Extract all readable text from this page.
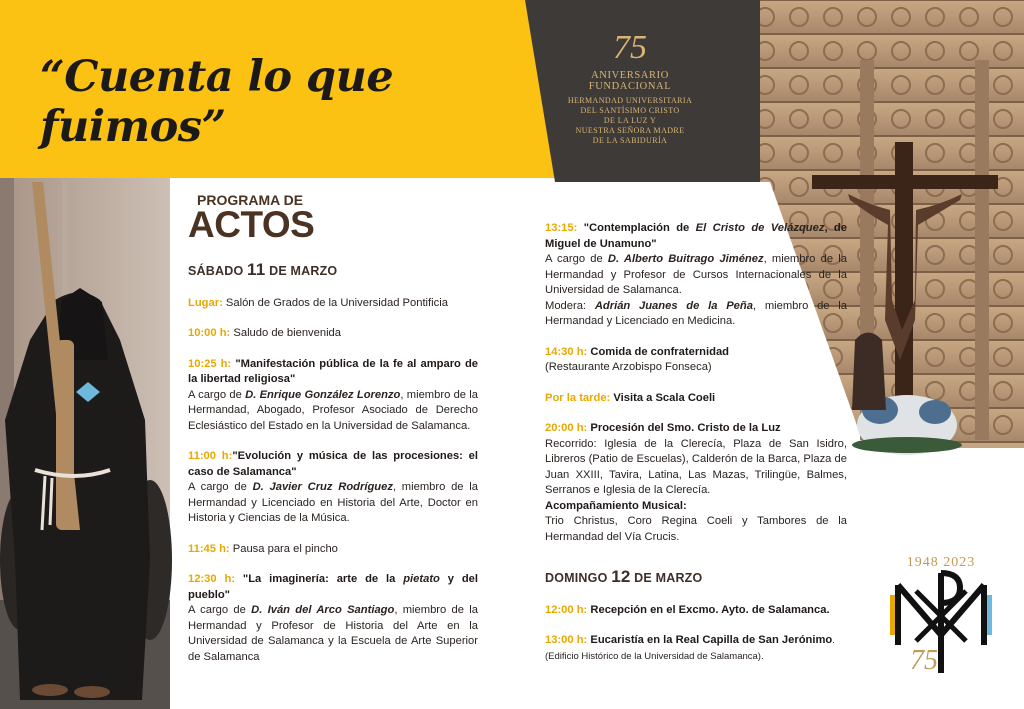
“Cuenta lo que fuimos”
75
ANIVERSARIO FUNDACIONAL
HERMANDAD UNIVERSITARIA
DEL SANTÍSIMO CRISTO
DE LA LUZ Y
NUESTRA SEÑORA MADRE
DE LA SABIDURÍA
PROGRAMA DE
ACTOS
SÁBADO 11 DE MARZO
Lugar: Salón de Grados de la Universidad Pontificia
10:00 h: Saludo de bienvenida
10:25 h: "Manifestación pública de la fe al amparo de la libertad religiosa"
A cargo de D. Enrique González Lorenzo, miembro de la Hermandad, Abogado, Profesor Asociado de Derecho Eclesiástico del Estado en la Universidad de Salamanca.
11:00 h:"Evolución y música de las procesiones: el caso de Salamanca"
A cargo de D. Javier Cruz Rodríguez, miembro de la Hermandad y Licenciado en Historia del Arte, Doctor en Historia y Ciencias de la Música.
11:45 h: Pausa para el pincho
12:30 h: "La imaginería: arte de la pietato y del pueblo"
A cargo de D. Iván del Arco Santiago, miembro de la Hermandad y Profesor de Historia del Arte en la Universidad de Salamanca y la Escuela de Arte Superior de Salamanca
13:15: "Contemplación de El Cristo de Velázquez, de Miguel de Unamuno"
A cargo de D. Alberto Buitrago Jiménez, miembro de la Hermandad y Profesor de Cursos Internacionales de la Universidad de Salamanca.
Modera: Adrián Juanes de la Peña, miembro de la Hermandad y Licenciado en Medicina.
14:30 h: Comida de confraternidad
(Restaurante Arzobispo Fonseca)
Por la tarde: Visita a Scala Coeli
20:00 h: Procesión del Smo. Cristo de la Luz
Recorrido: Iglesia de la Clerecía, Plaza de San Isidro, Libreros (Patio de Escuelas), Calderón de la Barca, Plaza de Juan XXIII, Tavira, Latina, Las Mazas, Trilingüe, Balmes, Serranos e Iglesia de la Clerecía.
Acompañamiento Musical:
Trio Christus, Coro Regina Coeli y Tambores de la Hermandad del Vía Crucis.
DOMINGO 12 DE MARZO
12:00 h: Recepción en el Excmo. Ayto. de Salamanca.
13:00 h: Eucaristía en la Real Capilla de San Jerónimo. (Edificio Histórico de la Universidad de Salamanca).
1948 2023
75
